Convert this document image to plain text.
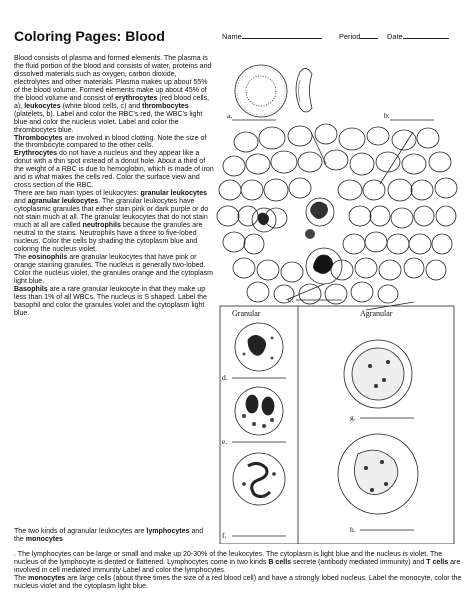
Coloring Pages: Blood	Name	Period	Date

Blood consists of plasma and formed elements. The plasma is the fluid portion of the blood and consists of water, proteins and dissolved materials such as oxygen, carbon dioxide, electrolytes and other materials. Plasma makes up about 55% of the blood volume. Formed elements make up about 45% of the blood volume and consist of erythrocytes (red blood cells, a), leukocytes (white blood cells, c) and thrombocytes (platelets, b). Label and color the RBC's red, the WBC's light blue and color the nucleus violet. Label and color the thrombocytes blue.

Thrombocytes are involved in blood clotting. Note the size of the thrombocyte compared to the other cells.

Erythrocytes do not have a nucleus and they appear like a donut with a thin spot instead of a donut hole. About a third of the weight of a RBC is due to hemoglobin, which is made of iron and is what makes the cells red. Color the surface view and cross section of the RBC.

There are two main types of leukocytes: granular leukocytes and agranular leukocytes. The granular leukocytes have cytoplasmic granules that either stain pink or dark purple or do not stain much at all. The granular leukocytes that do not stain much at all are called neutrophils because the granules are neutral to the stains. Neutrophils have a three to five-lobed nucleus. Color the cells by shading the cytoplasm blue and coloring the nucleus violet.

The eosinophils are granular leukocytes that have pink or orange staining granules. The nucleus is generally two-lobed. Color the nucleus violet, the granules orange and the cytoplasm light blue.

Basophils are a rare granular leukocyte in that they make up less than 1% of all WBCs. The nucleus is S shaped. Label the basophil and color the granules violet and the cytoplasm light blue.

The two kinds of agranular leukocytes are lymphocytes and the monocytes

. The lymphocytes can be large or small and make up 20-30% of the leukocytes. The cytoplasm is light blue and the nucleus is violet. The nucleus of the lymphocyte is dented or flattened. Lymphocytes come in two kinds B cells secrete (antibody mediated immunity) and T cells are involved in cell mediated immunity Label and color the lymphocytes.

The monocytes are large cells (about three times the size of a red blood cell) and have a strongly lobed nucleus. Label the monocyte, color the nucleus violet and the cytoplasm light blue.

a.	b.
c.
d.
e.
f.
g.
h.
Granular	Agranular
